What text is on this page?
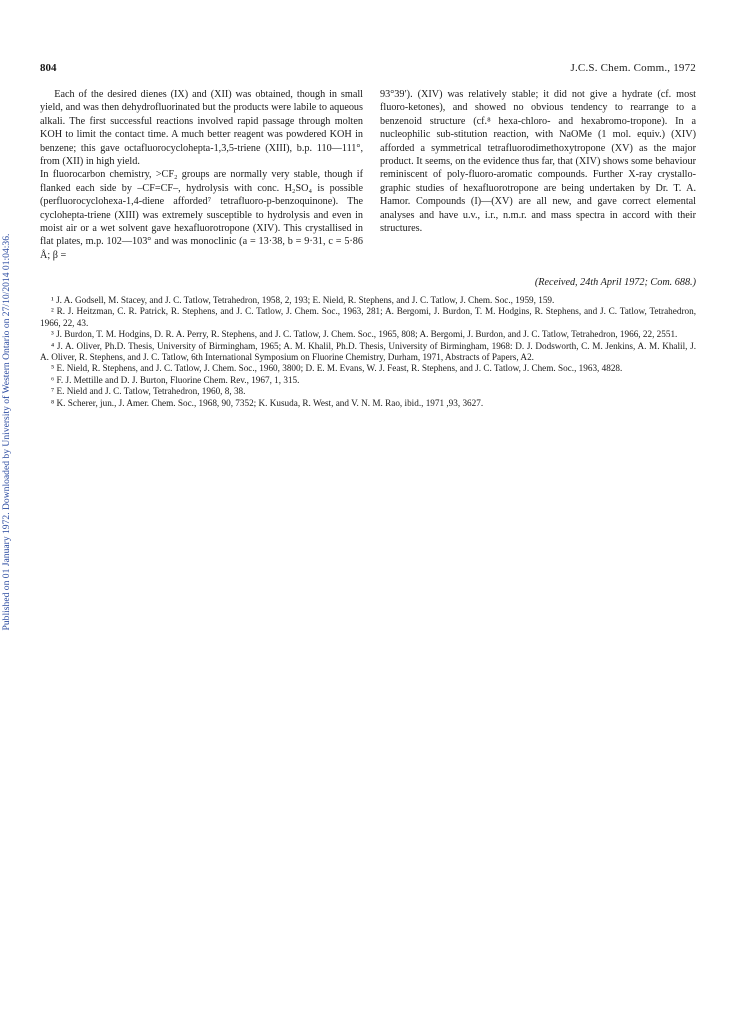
Published on 01 January 1972. Downloaded by University of Western Ontario on 27/10/2014 01:04:36.
804	J.C.S. Chem. Comm., 1972

Each of the desired dienes (IX) and (XII) was obtained, though in small yield, and was then dehydrofluorinated but the products were labile to aqueous alkali. The first successful reactions involved rapid passage through molten KOH to limit the contact time. A much better reagent was powdered KOH in benzene; this gave octafluorocyclohepta-1,3,5-triene (XIII), b.p. 110—111°, from (XII) in high yield.

In fluorocarbon chemistry, >CF₂ groups are normally very stable, though if flanked each side by –CF=CF–, hydrolysis with conc. H₂SO₄ is possible (perfluorocyclohexa-1,4-diene afforded⁷ tetrafluoro-p-benzoquinone). The cyclohepta-triene (XIII) was extremely susceptible to hydrolysis and even in moist air or a wet solvent gave hexafluorotropone (XIV). This crystallised in flat plates, m.p. 102—103° and was monoclinic (a = 13·38, b = 9·31, c = 5·86 Å; β =

93°39′). (XIV) was relatively stable; it did not give a hydrate (cf. most fluoro-ketones), and showed no obvious tendency to rearrange to a benzenoid structure (cf.⁸ hexa-chloro- and hexabromo-tropone). In a nucleophilic sub-stitution reaction, with NaOMe (1 mol. equiv.) (XIV) afforded a symmetrical tetrafluorodimethoxytropone (XV) as the major product. It seems, on the evidence thus far, that (XIV) shows some behaviour reminiscent of poly-fluoro-aromatic compounds. Further X-ray crystallo-graphic studies of hexafluorotropone are being undertaken by Dr. T. A. Hamor. Compounds (I)—(XV) are all new, and gave correct elemental analyses and have u.v., i.r., n.m.r. and mass spectra in accord with their structures.

(Received, 24th April 1972; Com. 688.)

¹ J. A. Godsell, M. Stacey, and J. C. Tatlow, Tetrahedron, 1958, 2, 193; E. Nield, R. Stephens, and J. C. Tatlow, J. Chem. Soc., 1959, 159.

² R. J. Heitzman, C. R. Patrick, R. Stephens, and J. C. Tatlow, J. Chem. Soc., 1963, 281; A. Bergomi, J. Burdon, T. M. Hodgins, R. Stephens, and J. C. Tatlow, Tetrahedron, 1966, 22, 43.

³ J. Burdon, T. M. Hodgins, D. R. A. Perry, R. Stephens, and J. C. Tatlow, J. Chem. Soc., 1965, 808; A. Bergomi, J. Burdon, and J. C. Tatlow, Tetrahedron, 1966, 22, 2551.

⁴ J. A. Oliver, Ph.D. Thesis, University of Birmingham, 1965; A. M. Khalil, Ph.D. Thesis, University of Birmingham, 1968: D. J. Dodsworth, C. M. Jenkins, A. M. Khalil, J. A. Oliver, R. Stephens, and J. C. Tatlow, 6th International Symposium on Fluorine Chemistry, Durham, 1971, Abstracts of Papers, A2.

⁵ E. Nield, R. Stephens, and J. C. Tatlow, J. Chem. Soc., 1960, 3800; D. E. M. Evans, W. J. Feast, R. Stephens, and J. C. Tatlow, J. Chem. Soc., 1963, 4828.

⁶ F. J. Mettille and D. J. Burton, Fluorine Chem. Rev., 1967, 1, 315.

⁷ E. Nield and J. C. Tatlow, Tetrahedron, 1960, 8, 38.

⁸ K. Scherer, jun., J. Amer. Chem. Soc., 1968, 90, 7352; K. Kusuda, R. West, and V. N. M. Rao, ibid., 1971 ,93, 3627.
